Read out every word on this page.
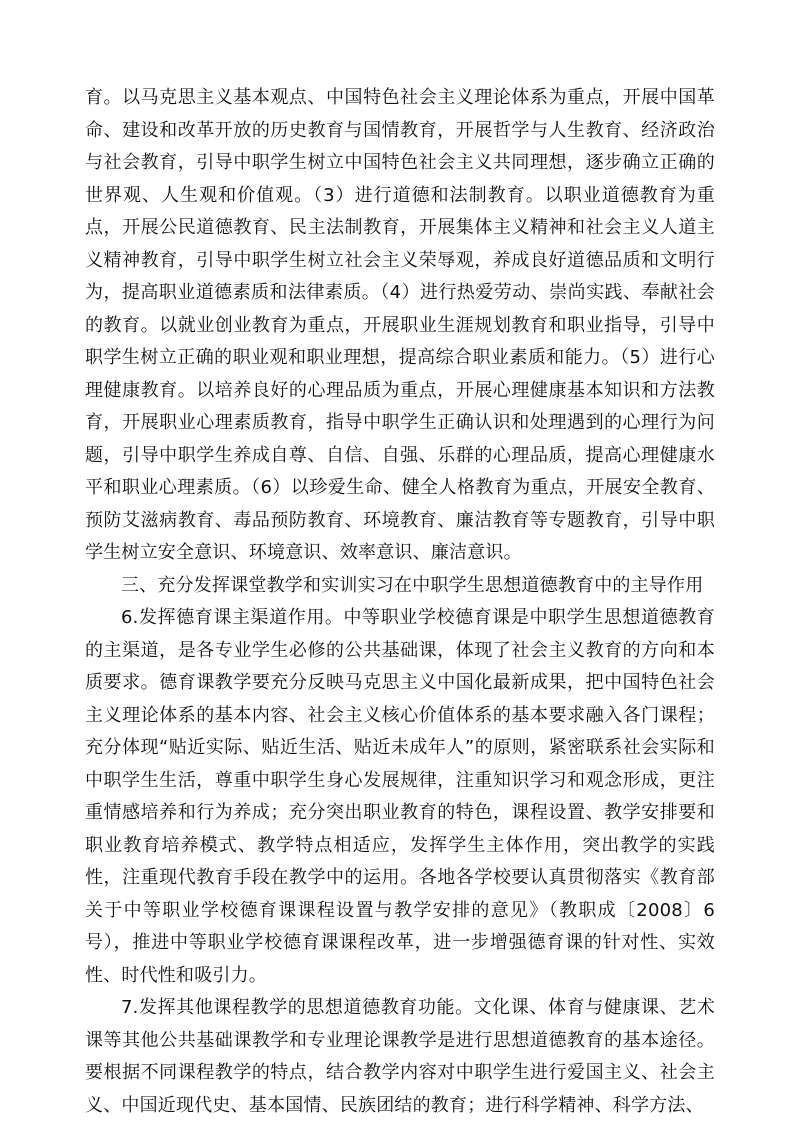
育。以马克思主义基本观点、中国特色社会主义理论体系为重点，开展中国革命、建设和改革开放的历史教育与国情教育，开展哲学与人生教育、经济政治与社会教育，引导中职学生树立中国特色社会主义共同理想，逐步确立正确的世界观、人生观和价值观。（3）进行道德和法制教育。以职业道德教育为重点，开展公民道德教育、民主法制教育，开展集体主义精神和社会主义人道主义精神教育，引导中职学生树立社会主义荣辱观，养成良好道德品质和文明行为，提高职业道德素质和法律素质。（4）进行热爱劳动、崇尚实践、奉献社会的教育。以就业创业教育为重点，开展职业生涯规划教育和职业指导，引导中职学生树立正确的职业观和职业理想，提高综合职业素质和能力。（5）进行心理健康教育。以培养良好的心理品质为重点，开展心理健康基本知识和方法教育，开展职业心理素质教育，指导中职学生正确认识和处理遇到的心理行为问题，引导中职学生养成自尊、自信、自强、乐群的心理品质，提高心理健康水平和职业心理素质。（6）以珍爱生命、健全人格教育为重点，开展安全教育、预防艾滋病教育、毒品预防教育、环境教育、廉洁教育等专题教育，引导中职学生树立安全意识、环境意识、效率意识、廉洁意识。

三、充分发挥课堂教学和实训实习在中职学生思想道德教育中的主导作用

6.发挥德育课主渠道作用。中等职业学校德育课是中职学生思想道德教育的主渠道，是各专业学生必修的公共基础课，体现了社会主义教育的方向和本质要求。德育课教学要充分反映马克思主义中国化最新成果，把中国特色社会主义理论体系的基本内容、社会主义核心价值体系的基本要求融入各门课程；充分体现“贴近实际、贴近生活、贴近未成年人”的原则，紧密联系社会实际和中职学生生活，尊重中职学生身心发展规律，注重知识学习和观念形成，更注重情感培养和行为养成；充分突出职业教育的特色，课程设置、教学安排要和职业教育培养模式、教学特点相适应，发挥学生主体作用，突出教学的实践性，注重现代教育手段在教学中的运用。各地各学校要认真贯彻落实《教育部关于中等职业学校德育课课程设置与教学安排的意见》（教职成〔2008〕6号），推进中等职业学校德育课课程改革，进一步增强德育课的针对性、实效性、时代性和吸引力。

7.发挥其他课程教学的思想道德教育功能。文化课、体育与健康课、艺术课等其他公共基础课教学和专业理论课教学是进行思想道德教育的基本途径。要根据不同课程教学的特点，结合教学内容对中职学生进行爱国主义、社会主义、中国近现代史、基本国情、民族团结的教育；进行科学精神、科学方法、
